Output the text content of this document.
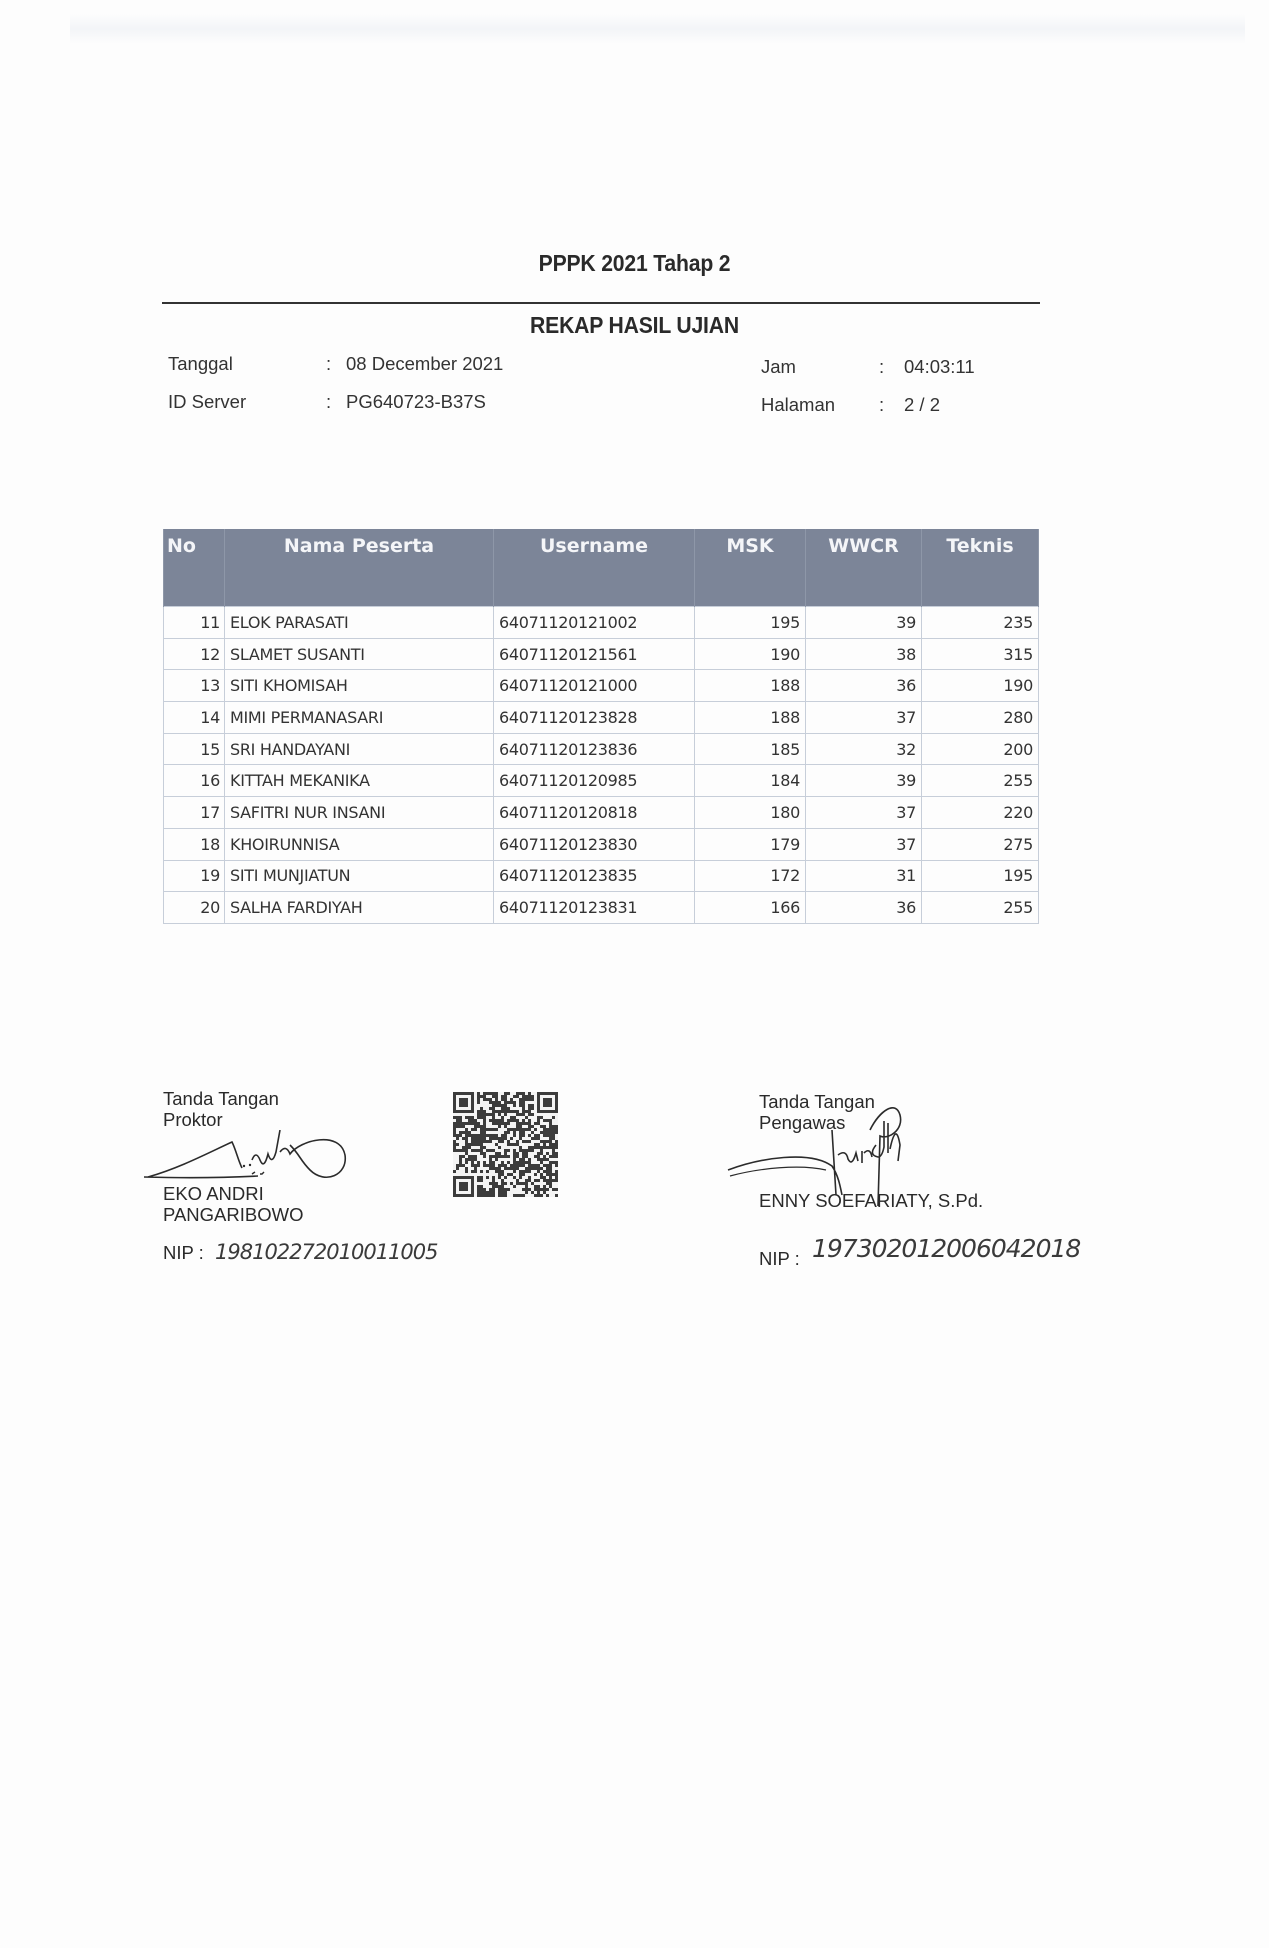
PPPK 2021 Tahap 2
REKAP HASIL UJIAN
Tanggal	: 08 December 2021
ID Server	: PG640723-B37S
Jam	: 04:03:11
Halaman : 2 / 2
No	Nama Peserta	Username	MSK	WWCR	Teknis
11	ELOK PARASATI	64071120121002	195	39	235
12	SLAMET SUSANTI	64071120121561	190	38	315
13	SITI KHOMISAH	64071120121000	188	36	190
14	MIMI PERMANASARI	64071120123828	188	37	280
15	SRI HANDAYANI	64071120123836	185	32	200
16	KITTAH MEKANIKA	64071120120985	184	39	255
17	SAFITRI NUR INSANI	64071120120818	180	37	220
18	KHOIRUNNISA	64071120123830	179	37	275
19	SITI MUNJIATUN	64071120123835	172	31	195
20	SALHA FARDIYAH	64071120123831	166	36	255
Tanda Tangan
Proktor
EKO ANDRI
PANGARIBOWO
NIP : 198102272010011005
Tanda Tangan
Pengawas
ENNY SOEFARIATY, S.Pd.
NIP : 197302012006042018
